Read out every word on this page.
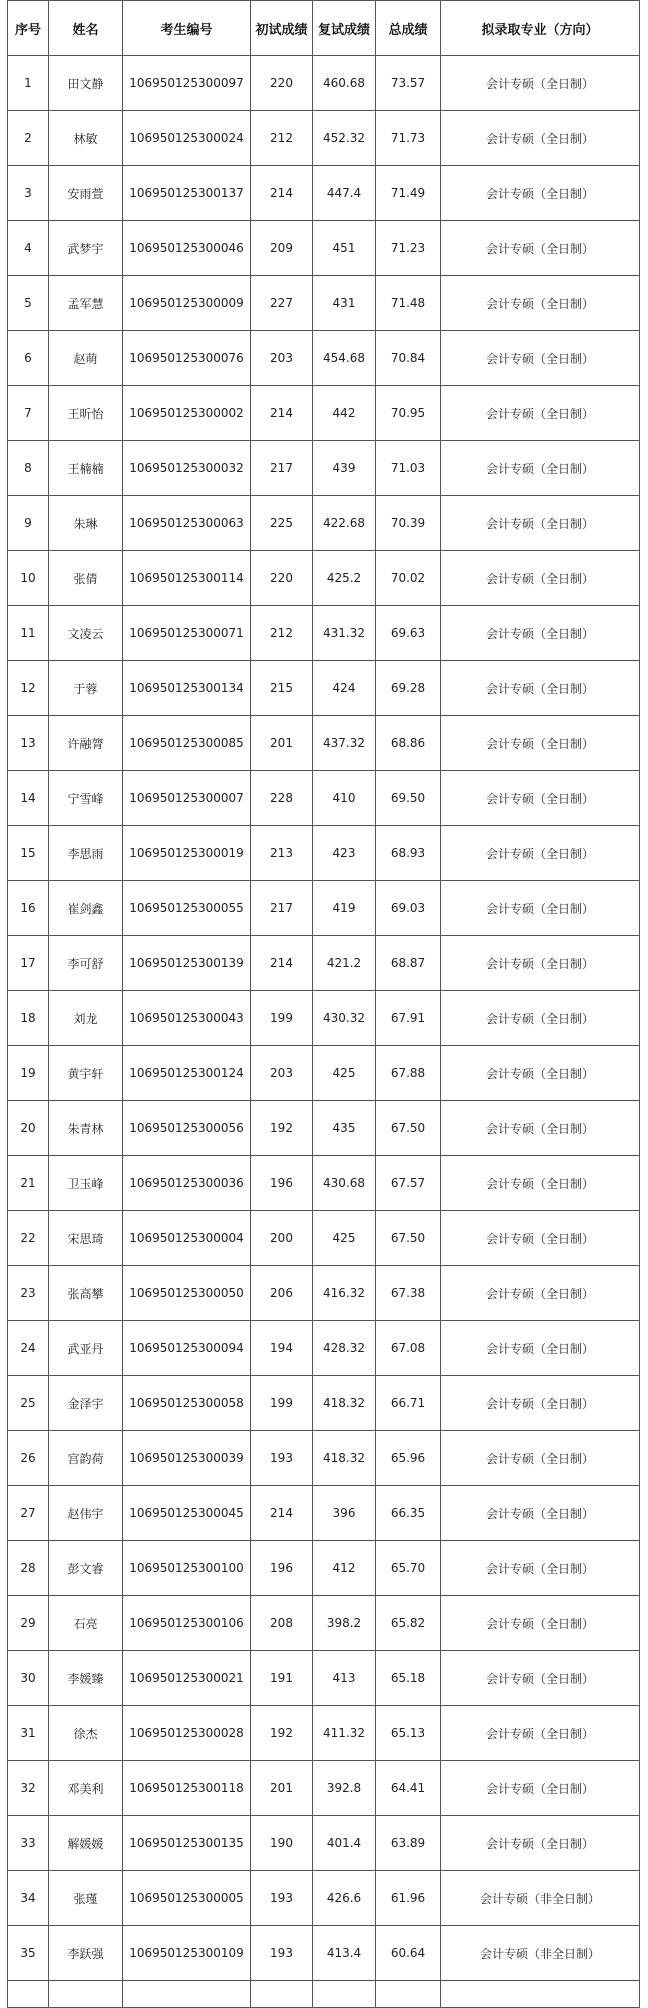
序号	姓名	考生编号	初试成绩	复试成绩	总成绩	拟录取专业（方向）
1	田文静	106950125300097	220	460.68	73.57	会计专硕（全日制）
2	林敏	106950125300024	212	452.32	71.73	会计专硕（全日制）
3	安雨萱	106950125300137	214	447.4	71.49	会计专硕（全日制）
4	武梦宇	106950125300046	209	451	71.23	会计专硕（全日制）
5	孟军慧	106950125300009	227	431	71.48	会计专硕（全日制）
6	赵萌	106950125300076	203	454.68	70.84	会计专硕（全日制）
7	王昕怡	106950125300002	214	442	70.95	会计专硕（全日制）
8	王楠楠	106950125300032	217	439	71.03	会计专硕（全日制）
9	朱琳	106950125300063	225	422.68	70.39	会计专硕（全日制）
10	张倩	106950125300114	220	425.2	70.02	会计专硕（全日制）
11	文凌云	106950125300071	212	431.32	69.63	会计专硕（全日制）
12	于蓉	106950125300134	215	424	69.28	会计专硕（全日制）
13	许融膂	106950125300085	201	437.32	68.86	会计专硕（全日制）
14	宁雪峰	106950125300007	228	410	69.50	会计专硕（全日制）
15	李思雨	106950125300019	213	423	68.93	会计专硕（全日制）
16	崔剑鑫	106950125300055	217	419	69.03	会计专硕（全日制）
17	李可舒	106950125300139	214	421.2	68.87	会计专硕（全日制）
18	刘龙	106950125300043	199	430.32	67.91	会计专硕（全日制）
19	黄宇轩	106950125300124	203	425	67.88	会计专硕（全日制）
20	朱青林	106950125300056	192	435	67.50	会计专硕（全日制）
21	卫玉峰	106950125300036	196	430.68	67.57	会计专硕（全日制）
22	宋思琦	106950125300004	200	425	67.50	会计专硕（全日制）
23	张高攀	106950125300050	206	416.32	67.38	会计专硕（全日制）
24	武亚丹	106950125300094	194	428.32	67.08	会计专硕（全日制）
25	金泽宇	106950125300058	199	418.32	66.71	会计专硕（全日制）
26	宫韵荷	106950125300039	193	418.32	65.96	会计专硕（全日制）
27	赵伟宇	106950125300045	214	396	66.35	会计专硕（全日制）
28	彭文睿	106950125300100	196	412	65.70	会计专硕（全日制）
29	石亮	106950125300106	208	398.2	65.82	会计专硕（全日制）
30	李媛臻	106950125300021	191	413	65.18	会计专硕（全日制）
31	徐杰	106950125300028	192	411.32	65.13	会计专硕（全日制）
32	邓美利	106950125300118	201	392.8	64.41	会计专硕（全日制）
33	解媛媛	106950125300135	190	401.4	63.89	会计专硕（全日制）
34	张瑾	106950125300005	193	426.6	61.96	会计专硕（非全日制）
35	李跃强	106950125300109	193	413.4	60.64	会计专硕（非全日制）
